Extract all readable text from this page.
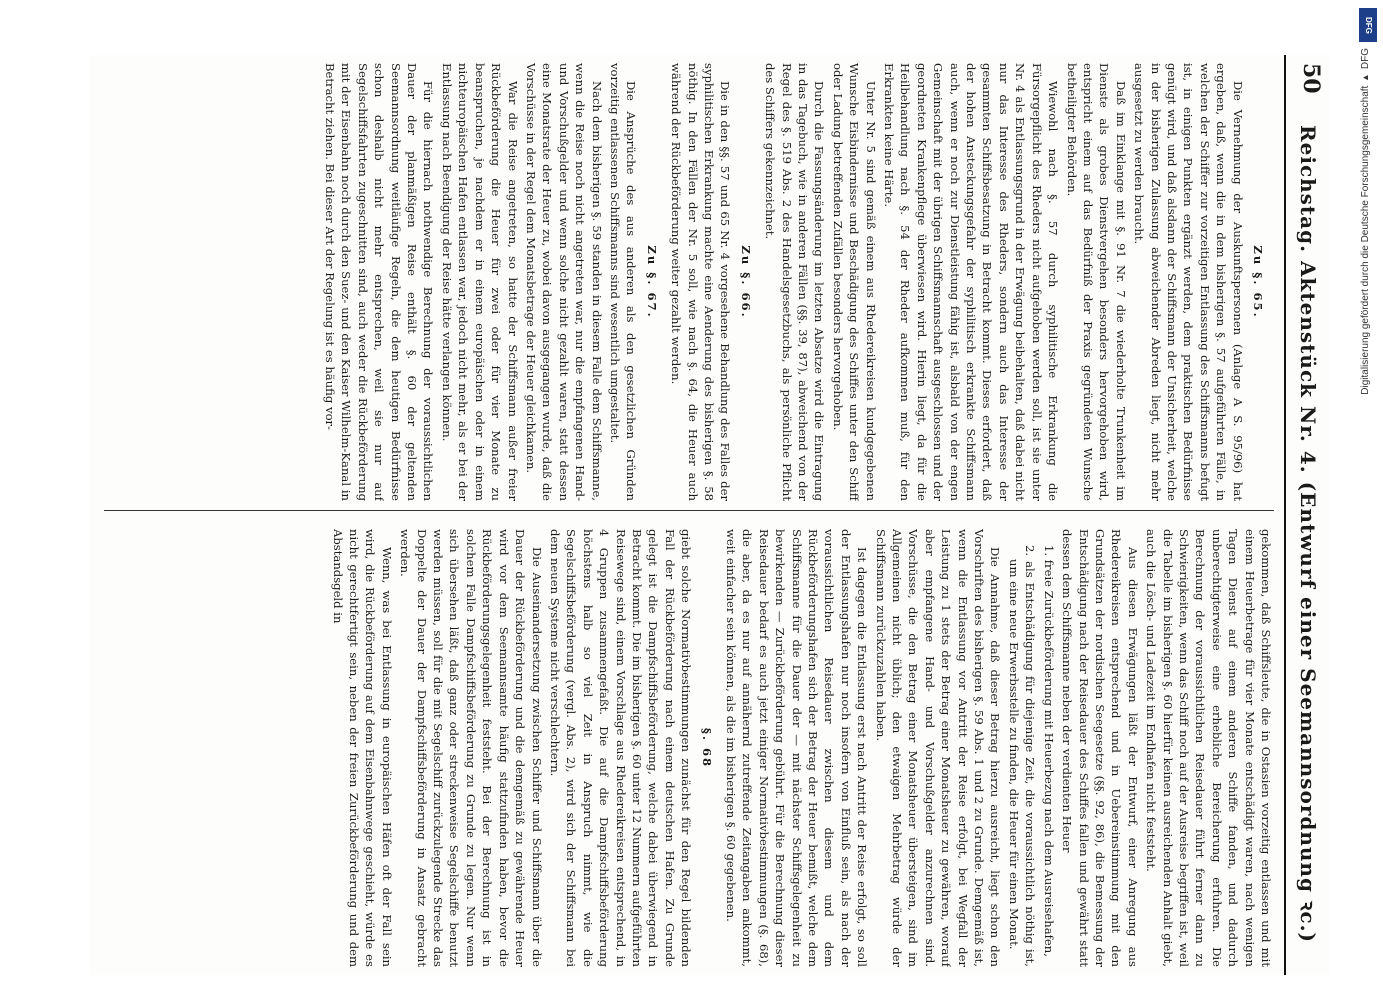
50
Reichstag. Aktenstück Nr. 4. (Entwurf einer Seemannsordnung ꝛc.)
Zu §. 65.

Die Vernehmung der Auskunftspersonen (Anlage A S. 95/96) hat ergeben, daß, wenn die in dem bisherigen §. 57 aufgeführten Fälle, in welchen der Schiffer zur vorzeitigen Entlassung des Schiffsmanns befugt ist, in einigen Punkten ergänzt werden, dem praktischen Bedürfnisse genügt wird, und daß alsdann der Schiffsmann der Unsicherheit, welche in der bisherigen Zulassung abweichender Abreden liegt, nicht mehr ausgesetzt zu werden braucht.

Daß im Einklange mit §. 91 Nr. 7 die wiederholte Trunkenheit im Dienste als grobes Dienstvergehen besonders hervorgehoben wird, entspricht einem auf das Bedürfniß der Praxis gegründeten Wunsche betheiligter Behörden.

Wiewohl nach §. 57 durch syphilitische Erkrankung die Fürsorgepflicht des Rheders nicht aufgehoben werden soll, ist sie unter Nr. 4 als Entlassungsgrund in der Erwägung beibehalten, daß dabei nicht nur das Interesse des Rheders, sondern auch das Interesse der gesammten Schiffsbesatzung in Betracht kommt. Dieses erfordert, daß der hohen Ansteckungsgefahr der syphilitisch erkrankte Schiffsmann auch, wenn er noch zur Dienstleistung fähig ist, alsbald von der engen Gemeinschaft mit der übrigen Schiffsmannschaft ausgeschlossen und der geordneten Krankenpflege überwiesen wird. Hierin liegt, da für die Heilbehandlung nach §. 54 der Rheder aufkommen muß, für den Erkrankten keine Härte.

Unter Nr. 5 sind gemäß einem aus Rhedereikreisen kundgegebenen Wunsche Eisbindernisse und Beschädigung des Schiffes unter den Schiff oder Ladung betreffenden Zufällen besonders hervorgehoben.

Durch die Fassungsänderung im letzten Absatze wird die Eintragung in das Tagebuch, wie in anderen Fällen (§§. 39, 87), abweichend von der Regel des §. 519 Abs. 2 des Handelsgesetzbuchs, als persönliche Pflicht des Schiffers gekennzeichnet.

Zu §. 66.

Die in den §§. 57 und 65 Nr. 4 vorgesehene Behandlung des Falles der syphilitischen Erkrankung machte eine Aenderung des bisherigen §. 58 nöthig. In den Fällen der Nr. 5 soll, wie nach §. 64, die Heuer auch während der Rückbeförderung weiter gezahlt werden.

Zu §. 67.

Die Ansprüche des aus anderen als den gesetzlichen Gründen vorzeitig entlassenen Schiffsmanns sind wesentlich umgestaltet.

Nach dem bisherigen §. 59 standen in diesem Falle dem Schiffsmanne, wenn die Reise noch nicht angetreten war, nur die empfangenen Hand- und Vorschußgelder und wenn solche nicht gezahlt waren, statt dessen eine Monatsrate der Heuer zu, wobei davon ausgegangen wurde, daß die Vorschüsse in der Regel dem Monatsbetrage der Heuer gleichkamen.

War die Reise angetreten, so hatte der Schiffsmann außer freier Rückbeförderung die Heuer für zwei oder für vier Monate zu beanspruchen, je nachdem er in einem europäischen oder in einem nichteuropäischen Hafen entlassen war, jedoch nicht mehr, als er bei der Entlassung nach Beendigung der Reise hätte verlangen können.

Für die hiernach nothwendige Berechnung der voraussichtlichen Dauer der planmäßigen Reise enthält §. 60 der geltenden Seemannsordnung weitläufige Regeln, die dem heutigen Bedürfnisse schon deshalb nicht mehr entsprechen, weil sie nur auf Segelschiffsfahrten zugeschnitten sind, auch weder die Rückbeförderung mit der Eisenbahn noch durch den Suez- und den Kaiser Wilhelm-Kanal in Betracht ziehen. Bei dieser Art der Regelung ist es häufig vor-

gekommen, daß Schiffsleute, die in Ostasien vorzeitig entlassen und mit einem Heuerbetrage für vier Monate entschädigt waren, nach wenigen Tagen Dienst auf einem anderen Schiffe fanden, und dadurch unberechtigterweise eine erhebliche Bereicherung erfuhren. Die Berechnung der voraussichtlichen Reisedauer führt ferner dann zu Schwierigkeiten, wenn das Schiff noch auf der Ausreise begriffen ist, weil die Tabelle im bisherigen §. 60 hierfür keinen ausreichenden Anhalt giebt, auch die Lösch- und Ladezeit im Endhafen nicht feststeht.

Aus diesen Erwägungen läßt der Entwurf, einer Anregung aus Rhedereikreisen entsprechend und in Uebereinstimmung mit den Grundsätzen der nordischen Seegesetze (§§. 92, 86), die Bemessung der Entschädigung nach der Reisedauer des Schiffes fallen und gewährt statt dessen dem Schiffsmanne neben der verdienten Heuer

1. freie Zurückbeförderung mit Heuerbezug nach dem Ausreisehafen,
2. als Entschädigung für diejenige Zeit, die voraussichtlich nöthig ist, um eine neue Erwerbsstelle zu finden, die Heuer für einen Monat.

Die Annahme, daß dieser Betrag hierzu ausreicht, liegt schon den Vorschriften des bisherigen §. 59 Abs. 1 und 2 zu Grunde. Demgemäß ist, wenn die Entlassung vor Antritt der Reise erfolgt, bei Wegfall der Leistung zu 1 stets der Betrag einer Monatsheuer zu gewähren, worauf aber empfangene Hand- und Vorschußgelder anzurechnen sind. Vorschüsse, die den Betrag einer Monatsheuer übersteigen, sind im Allgemeinen nicht üblich; den etwaigen Mehrbetrag würde der Schiffsmann zurückzuzahlen haben.

Ist dagegen die Entlassung erst nach Antritt der Reise erfolgt, so soll der Entlassungshafen nur noch insofern von Einfluß sein, als nach der voraussichtlichen Reisedauer zwischen diesem und dem Rückbeförderungshafen sich der Betrag der Heuer bemißt, welche dem Schiffsmanne für die Dauer der — mit nächster Schiffsgelegenheit zu bewirkenden — Zurückbeförderung gebührt. Für die Berechnung dieser Reisedauer bedarf es auch jetzt einiger Normativbestimmungen (§. 68), die aber, da es nur auf annähernd zutreffende Zeitangaben ankommt, weit einfacher sein können, als die im bisherigen §. 60 gegebenen.

§. 68

giebt solche Normativbestimmungen zunächst für den Regel bildenden Fall der Rückbeförderung nach einem deutschen Hafen. Zu Grunde gelegt ist die Dampfschiffsbeförderung, welche dabei überwiegend in Betracht kommt. Die im bisherigen §. 60 unter 12 Nummern aufgeführten Reisewege sind, einem Vorschlage aus Rhedereikreisen entsprechend, in 4 Gruppen zusammengefaßt. Die auf die Dampfschiffsbeförderung höchstens halb so viel Zeit in Anspruch nimmt, wie die Segelschiffsbeförderung (vergl. Abs. 2), wird sich der Schiffsmann bei dem neuen Systeme nicht verschlechtern.

Die Auseinandersetzung zwischen Schiffer und Schiffsmann über die Dauer der Rückbeförderung und die demgemäß zu gewährende Heuer wird vor dem Seemannsamte häufig stattzufinden haben, bevor die Rückbeförderungsgelegenheit feststeht. Bei der Berechnung ist in solchem Falle Dampfschiffsbeförderung zu Grunde zu legen. Nur wenn sich übersehen läßt, daß ganz oder streckenweise Segelschiffe benutzt werden müssen, soll für die mit Segelschiff zurückzulegende Strecke das Doppelte der Dauer der Dampfschiffsbeförderung in Ansatz gebracht werden.

Wenn, was bei Entlassung in europäischen Häfen oft der Fall sein wird, die Rückbeförderung auf dem Eisenbahnwege geschieht, würde es nicht gerechtfertigt sein, neben der freien Zurückbeförderung und dem Abstandsgeld in

DFG
Digitalisierung gefördert durch die Deutsche Forschungsgemeinschaft ▸ DFG
